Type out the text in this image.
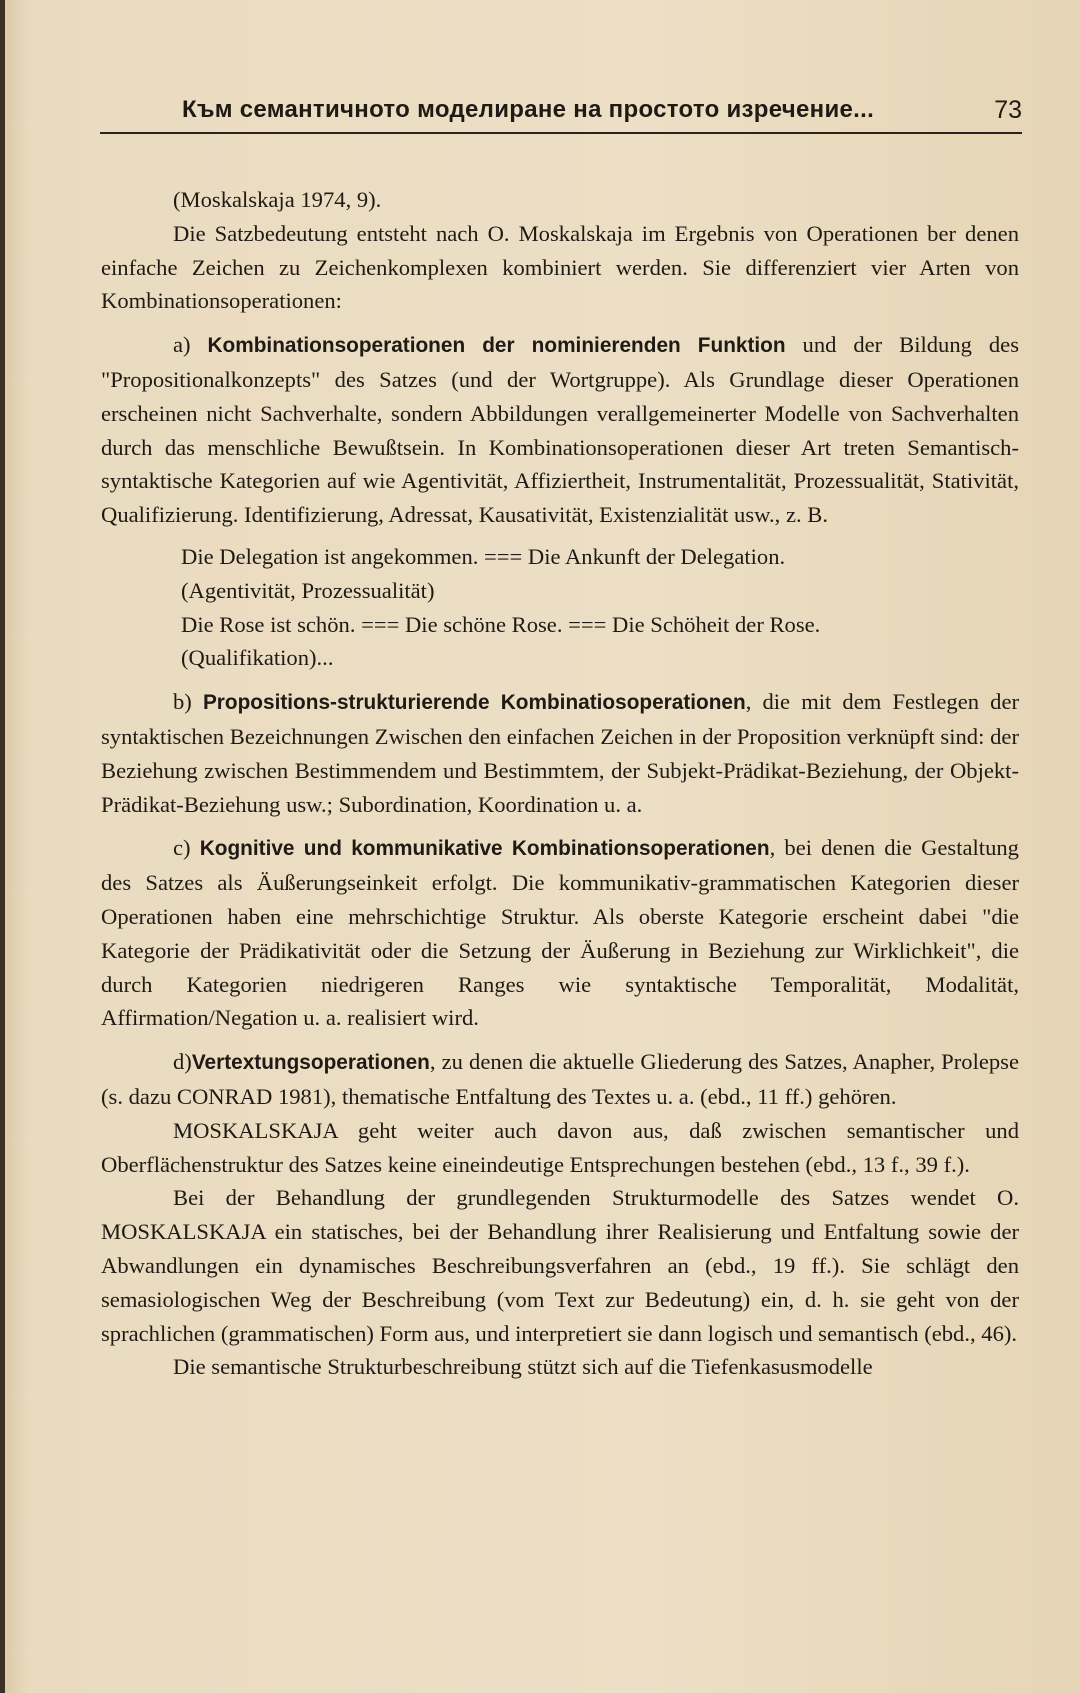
Към семантичното моделиране на простото изречение...	73

(Moskalskaja 1974, 9).

Die Satzbedeutung entsteht nach O. Moskalskaja im Ergebnis von Operationen ber denen einfache Zeichen zu Zeichenkomplexen kombiniert werden. Sie differenziert vier Arten von Kombinationsoperationen:

a) Kombinationsoperationen der nominierenden Funktion und der Bildung des "Propositionalkonzepts" des Satzes (und der Wortgruppe). Als Grundlage dieser Operationen erscheinen nicht Sachverhalte, sondern Abbildungen verallgemeinerter Modelle von Sachverhalten durch das menschliche Bewußtsein. In Kombinationsoperationen dieser Art treten Semantisch-syntaktische Kategorien auf wie Agentivität, Affiziertheit, Instrumentalität, Prozessualität, Stativität, Qualifizierung. Identifizierung, Adressat, Kausativität, Existenzialität usw., z. B.

Die Delegation ist angekommen. === Die Ankunft der Delegation.

(Agentivität, Prozessualität)

Die Rose ist schön. === Die schöne Rose. === Die Schöheit der Rose.

(Qualifikation)...

b) Propositions-strukturierende Kombinatiosoperationen, die mit dem Festlegen der syntaktischen Bezeichnungen Zwischen den einfachen Zeichen in der Proposition verknüpft sind: der Beziehung zwischen Bestimmendem und Bestimmtem, der Subjekt-Prädikat-Beziehung, der Objekt-Prädikat-Beziehung usw.; Subordination, Koordination u. a.

c) Kognitive und kommunikative Kombinationsoperationen, bei denen die Gestaltung des Satzes als Äußerungseinkeit erfolgt. Die kommunikativ-grammatischen Kategorien dieser Operationen haben eine mehrschichtige Struktur. Als oberste Kategorie erscheint dabei "die Kategorie der Prädikativität oder die Setzung der Äußerung in Beziehung zur Wirklichkeit", die durch Kategorien niedrigeren Ranges wie syntaktische Temporalität, Modalität, Affirmation/Negation u. a. realisiert wird.

d)Vertextungsoperationen, zu denen die aktuelle Gliederung des Satzes, Anapher, Prolepse (s. dazu CONRAD 1981), thematische Entfaltung des Textes u. a. (ebd., 11 ff.) gehören.

MOSKALSKAJA geht weiter auch davon aus, daß zwischen semantischer und Oberflächenstruktur des Satzes keine eineindeutige Entsprechungen bestehen (ebd., 13 f., 39 f.).

Bei der Behandlung der grundlegenden Strukturmodelle des Satzes wendet O. MOSKALSKAJA ein statisches, bei der Behandlung ihrer Realisierung und Entfaltung sowie der Abwandlungen ein dynamisches Beschreibungsverfahren an (ebd., 19 ff.). Sie schlägt den semasiologischen Weg der Beschreibung (vom Text zur Bedeutung) ein, d. h. sie geht von der sprachlichen (grammatischen) Form aus, und interpretiert sie dann logisch und semantisch (ebd., 46).

Die semantische Strukturbeschreibung stützt sich auf die Tiefenkasusmodelle
